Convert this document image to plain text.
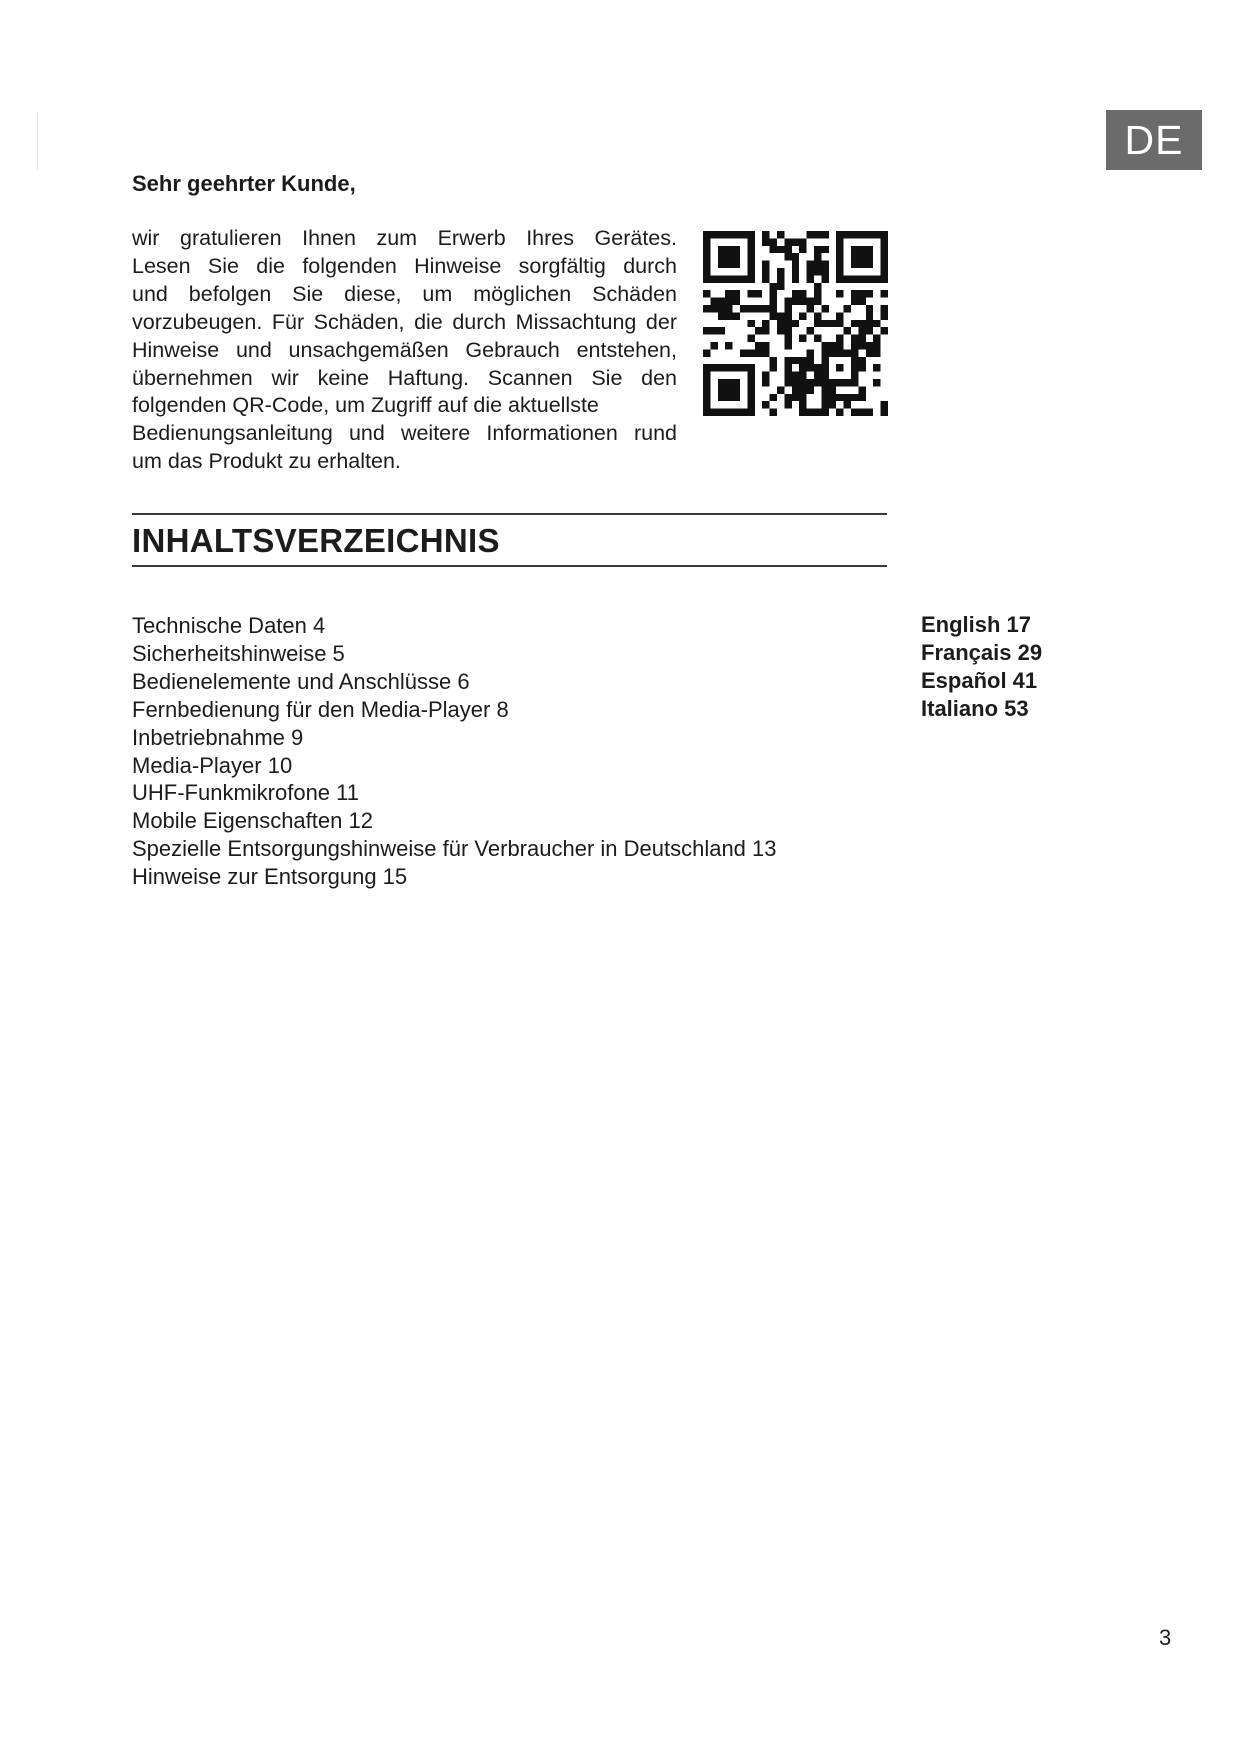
DE
Sehr geehrter Kunde,
wir gratulieren Ihnen zum Erwerb Ihres Gerätes.
Lesen Sie die folgenden Hinweise sorgfältig durch
und befolgen Sie diese, um möglichen Schäden
vorzubeugen. Für Schäden, die durch Missachtung der
Hinweise und unsachgemäßen Gebrauch entstehen,
übernehmen wir keine Haftung. Scannen Sie den
folgenden QR-Code, um Zugriff auf die aktuellste
Bedienungsanleitung und weitere Informationen rund
um das Produkt zu erhalten.
INHALTSVERZEICHNIS
Technische Daten 4
Sicherheitshinweise 5
Bedienelemente und Anschlüsse 6
Fernbedienung für den Media-Player 8
Inbetriebnahme 9
Media-Player 10
UHF-Funkmikrofone 11
Mobile Eigenschaften 12
Spezielle Entsorgungshinweise für Verbraucher in Deutschland 13
Hinweise zur Entsorgung 15
English 17
Français 29
Español 41
Italiano 53
3
